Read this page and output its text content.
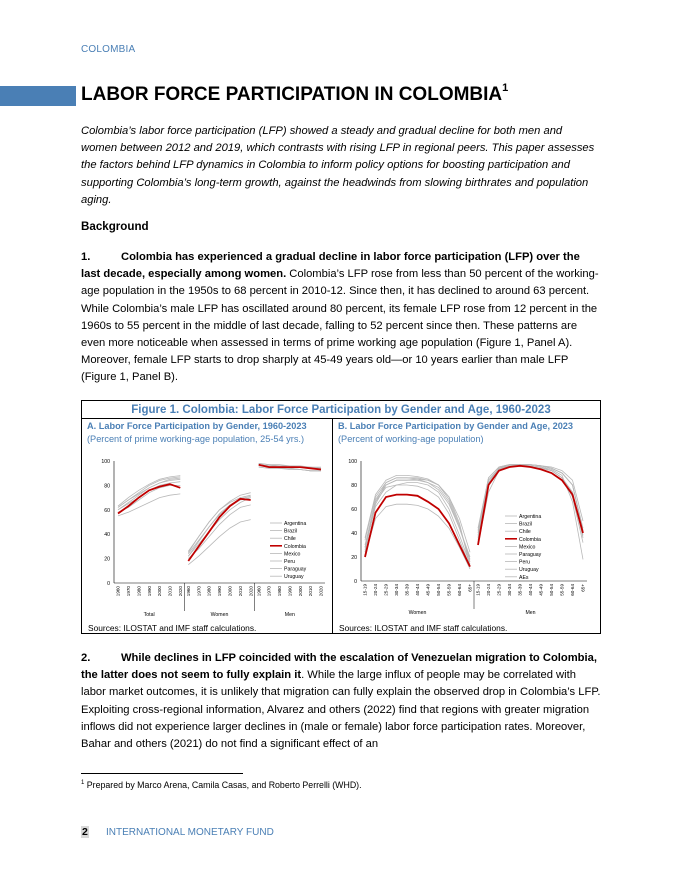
COLOMBIA
LABOR FORCE PARTICIPATION IN COLOMBIA$^1$
Colombia’s labor force participation (LFP) showed a steady and gradual decline for both men and women between 2012 and 2019, which contrasts with rising LFP in regional peers. This paper assesses the factors behind LFP dynamics in Colombia to inform policy options for boosting participation and supporting Colombia’s long-term growth, against the headwinds from slowing birthrates and population aging.
Background
1.	Colombia has experienced a gradual decline in labor force participation (LFP) over the last decade, especially among women. Colombia’s LFP rose from less than 50 percent of the working-age population in the 1950s to 68 percent in 2010-12. Since then, it has declined to around 63 percent. While Colombia’s male LFP has oscillated around 80 percent, its female LFP rose from 12 percent in the 1960s to 55 percent in the middle of last decade, falling to 52 percent since then. These patterns are even more noticeable when assessed in terms of prime working age population (Figure 1, Panel A). Moreover, female LFP starts to drop sharply at 45-49 years old—or 10 years earlier than male LFP (Figure 1, Panel B).
Figure 1. Colombia: Labor Force Participation by Gender and Age, 1960-2023
A. Labor Force Participation by Gender, 1960-2023
(Percent of prime working-age population, 25-54 yrs.)
0
20
40
60
80
100
Total
1960 1970 1980 1990 2000 2010 2020
Women
1960 1970 1980 1990 2000 2010 2020
Men
1960 1970 1980 1990 2000 2010 2020
Argentina
Brazil
Chile
Colombia
Mexico
Peru
Paraguay
Uruguay
Sources: ILOSTAT and IMF staff calculations.
B. Labor Force Participation by Gender and Age, 2023
(Percent of working-age population)
0
20
40
60
80
100
Women
15-19 20-24 25-29 30-34 35-39 40-44 45-49 50-54 55-59 60-64 65+
Men
15-19 20-24 25-29 30-34 35-39 40-44 45-49 50-54 55-59 60-64 65+
Argentina
Brazil
Chile
Colombia
Mexico
Paraguay
Peru
Uruguay
AEs
Sources: ILOSTAT and IMF staff calculations.
2.	While declines in LFP coincided with the escalation of Venezuelan migration to Colombia, the latter does not seem to fully explain it. While the large influx of people may be correlated with labor market outcomes, it is unlikely that migration can fully explain the observed drop in Colombia’s LFP. Exploiting cross-regional information, Alvarez and others (2022) find that regions with greater migration inflows did not experience larger declines in (male or female) labor force participation rates. Moreover, Bahar and others (2021) do not find a significant effect of an
$^1$ Prepared by Marco Arena, Camila Casas, and Roberto Perrelli (WHD).
2 INTERNATIONAL MONETARY FUND
